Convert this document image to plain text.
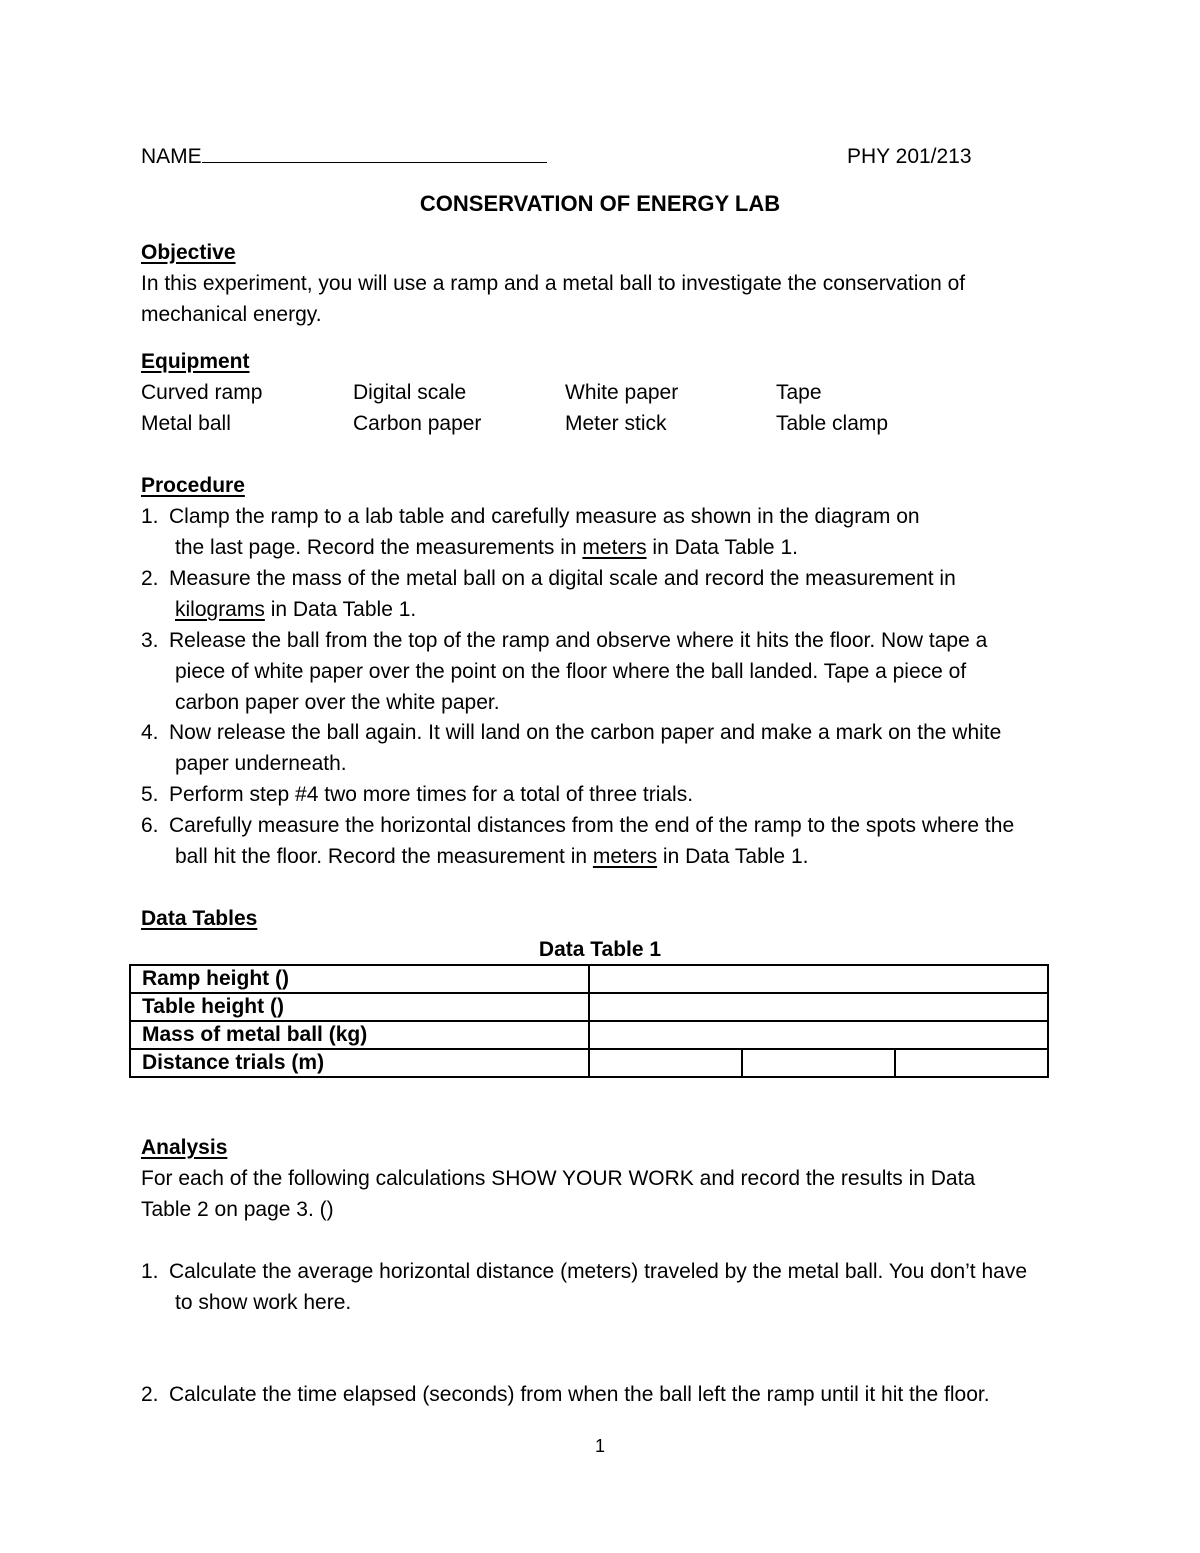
NAME	PHY 201/213
CONSERVATION OF ENERGY LAB
Objective
In this experiment, you will use a ramp and a metal ball to investigate the conservation of
mechanical energy.
Equipment
Curved ramp	Digital scale	White paper	Tape
Metal ball	Carbon paper	Meter stick	Table clamp
Procedure
1. Clamp the ramp to a lab table and carefully measure as shown in the diagram on
the last page. Record the measurements in meters in Data Table 1.
2. Measure the mass of the metal ball on a digital scale and record the measurement in
kilograms in Data Table 1.
3. Release the ball from the top of the ramp and observe where it hits the floor. Now tape a
piece of white paper over the point on the floor where the ball landed. Tape a piece of
carbon paper over the white paper.
4. Now release the ball again. It will land on the carbon paper and make a mark on the white
paper underneath.
5. Perform step #4 two more times for a total of three trials.
6. Carefully measure the horizontal distances from the end of the ramp to the spots where the
ball hit the floor. Record the measurement in meters in Data Table 1.
Data Tables
Data Table 1
Ramp height ()			
Table height ()			
Mass of metal ball (kg)			
Distance trials (m)			
Analysis
For each of the following calculations SHOW YOUR WORK and record the results in Data
Table 2 on page 3. ()
1. Calculate the average horizontal distance (meters) traveled by the metal ball. You don’t have
to show work here.
2. Calculate the time elapsed (seconds) from when the ball left the ramp until it hit the floor.
1
